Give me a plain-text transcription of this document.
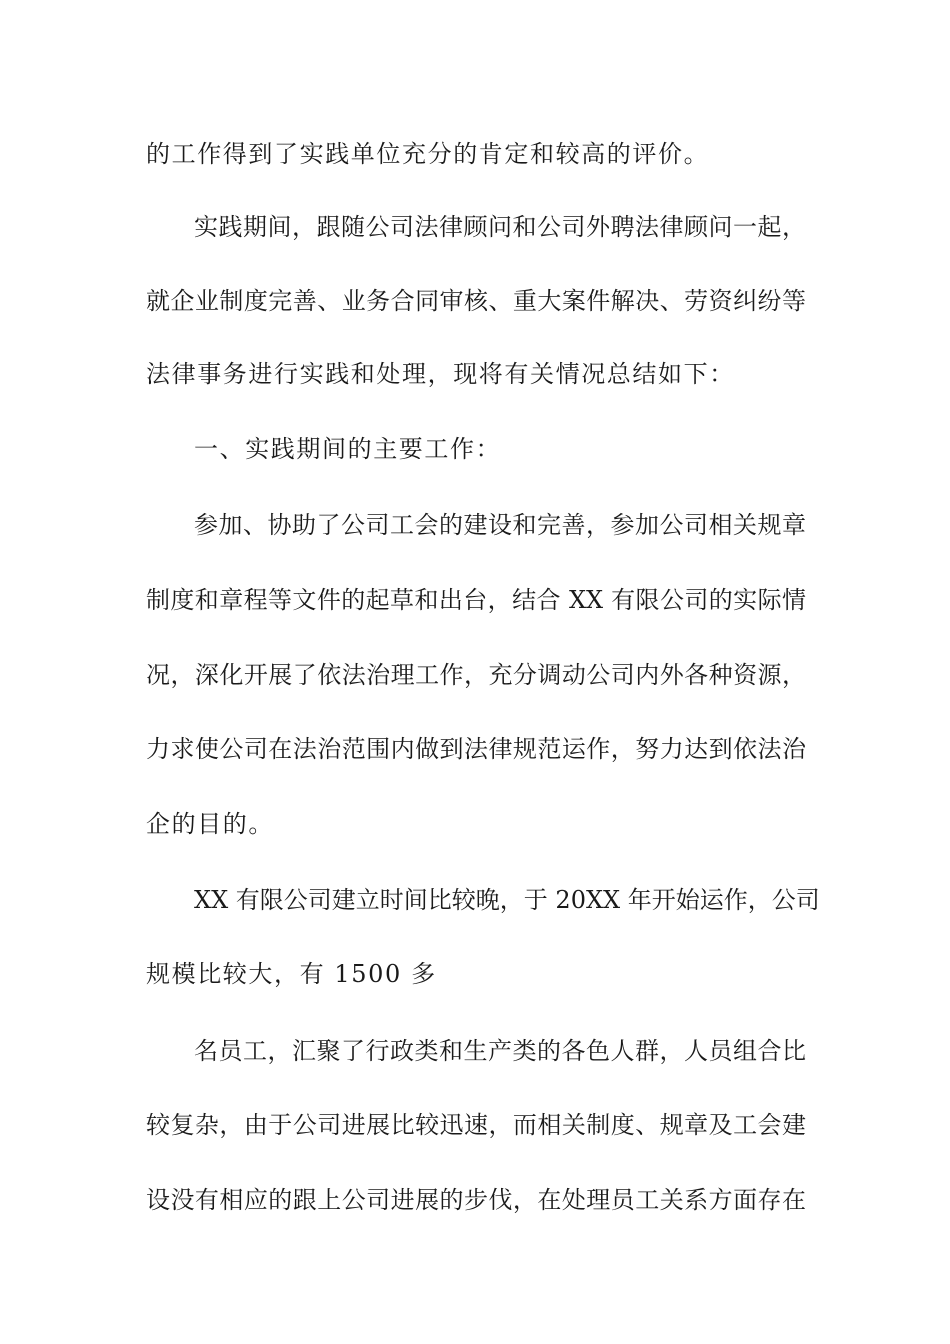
的工作得到了实践单位充分的肯定和较高的评价。
实践期间，跟随公司法律顾问和公司外聘法律顾问一起，
就企业制度完善、业务合同审核、重大案件解决、劳资纠纷等
法律事务进行实践和处理，现将有关情况总结如下：
一、实践期间的主要工作：
参加、协助了公司工会的建设和完善，参加公司相关规章
制度和章程等文件的起草和出台，结合 XX 有限公司的实际情
况，深化开展了依法治理工作，充分调动公司内外各种资源，
力求使公司在法治范围内做到法律规范运作，努力达到依法治
企的目的。
XX 有限公司建立时间比较晚，于 20XX 年开始运作，公司
规模比较大，有 1500 多
名员工，汇聚了行政类和生产类的各色人群，人员组合比
较复杂，由于公司进展比较迅速，而相关制度、规章及工会建
设没有相应的跟上公司进展的步伐，在处理员工关系方面存在
